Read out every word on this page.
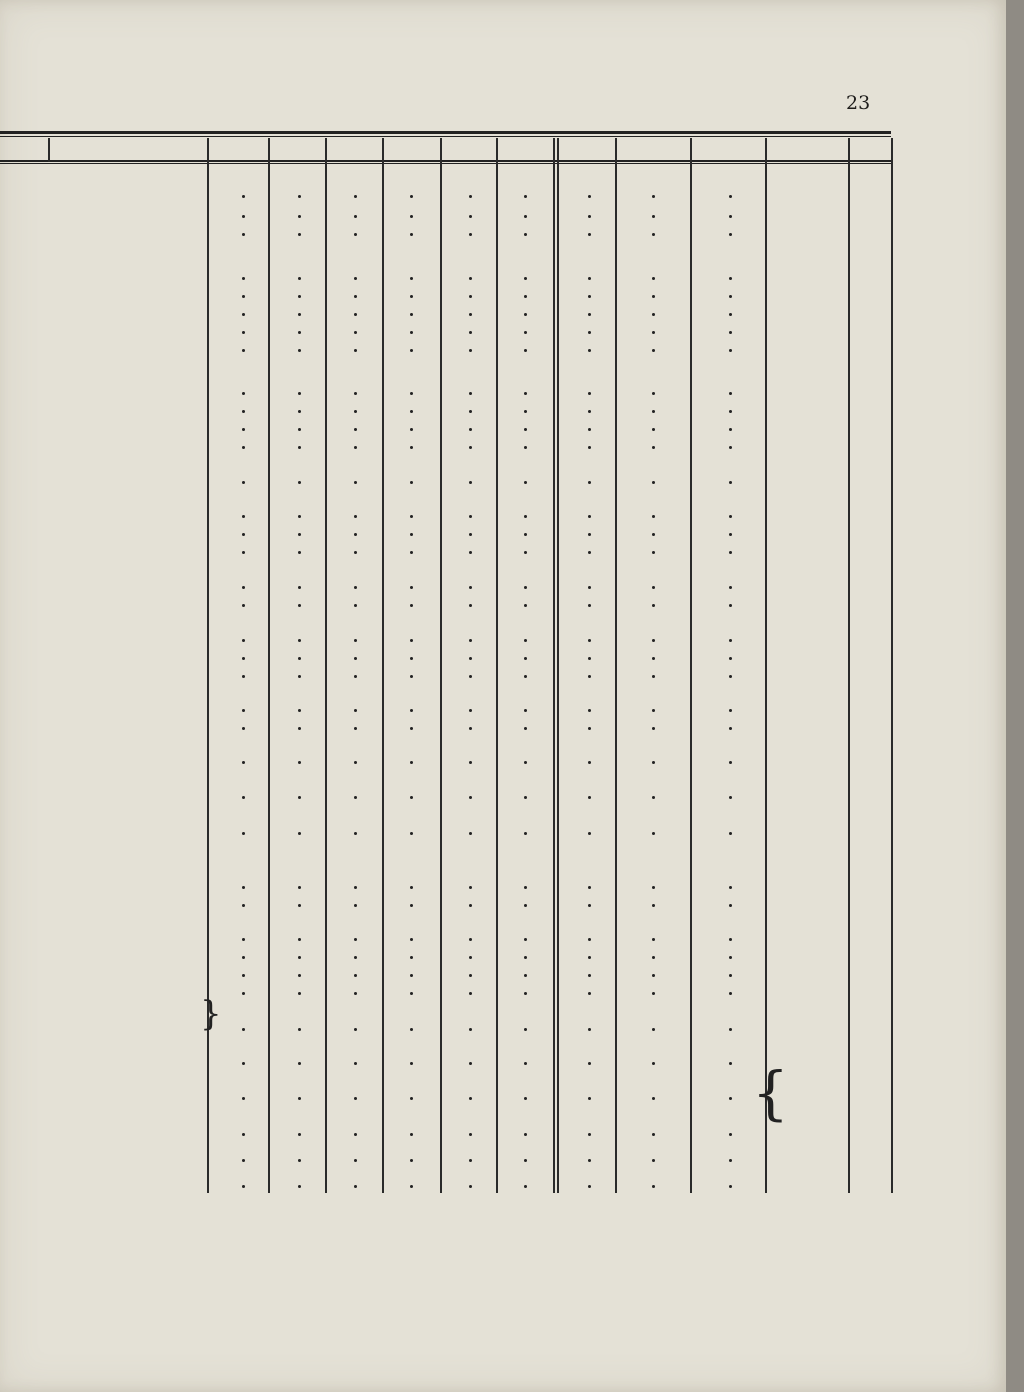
23
}
{
